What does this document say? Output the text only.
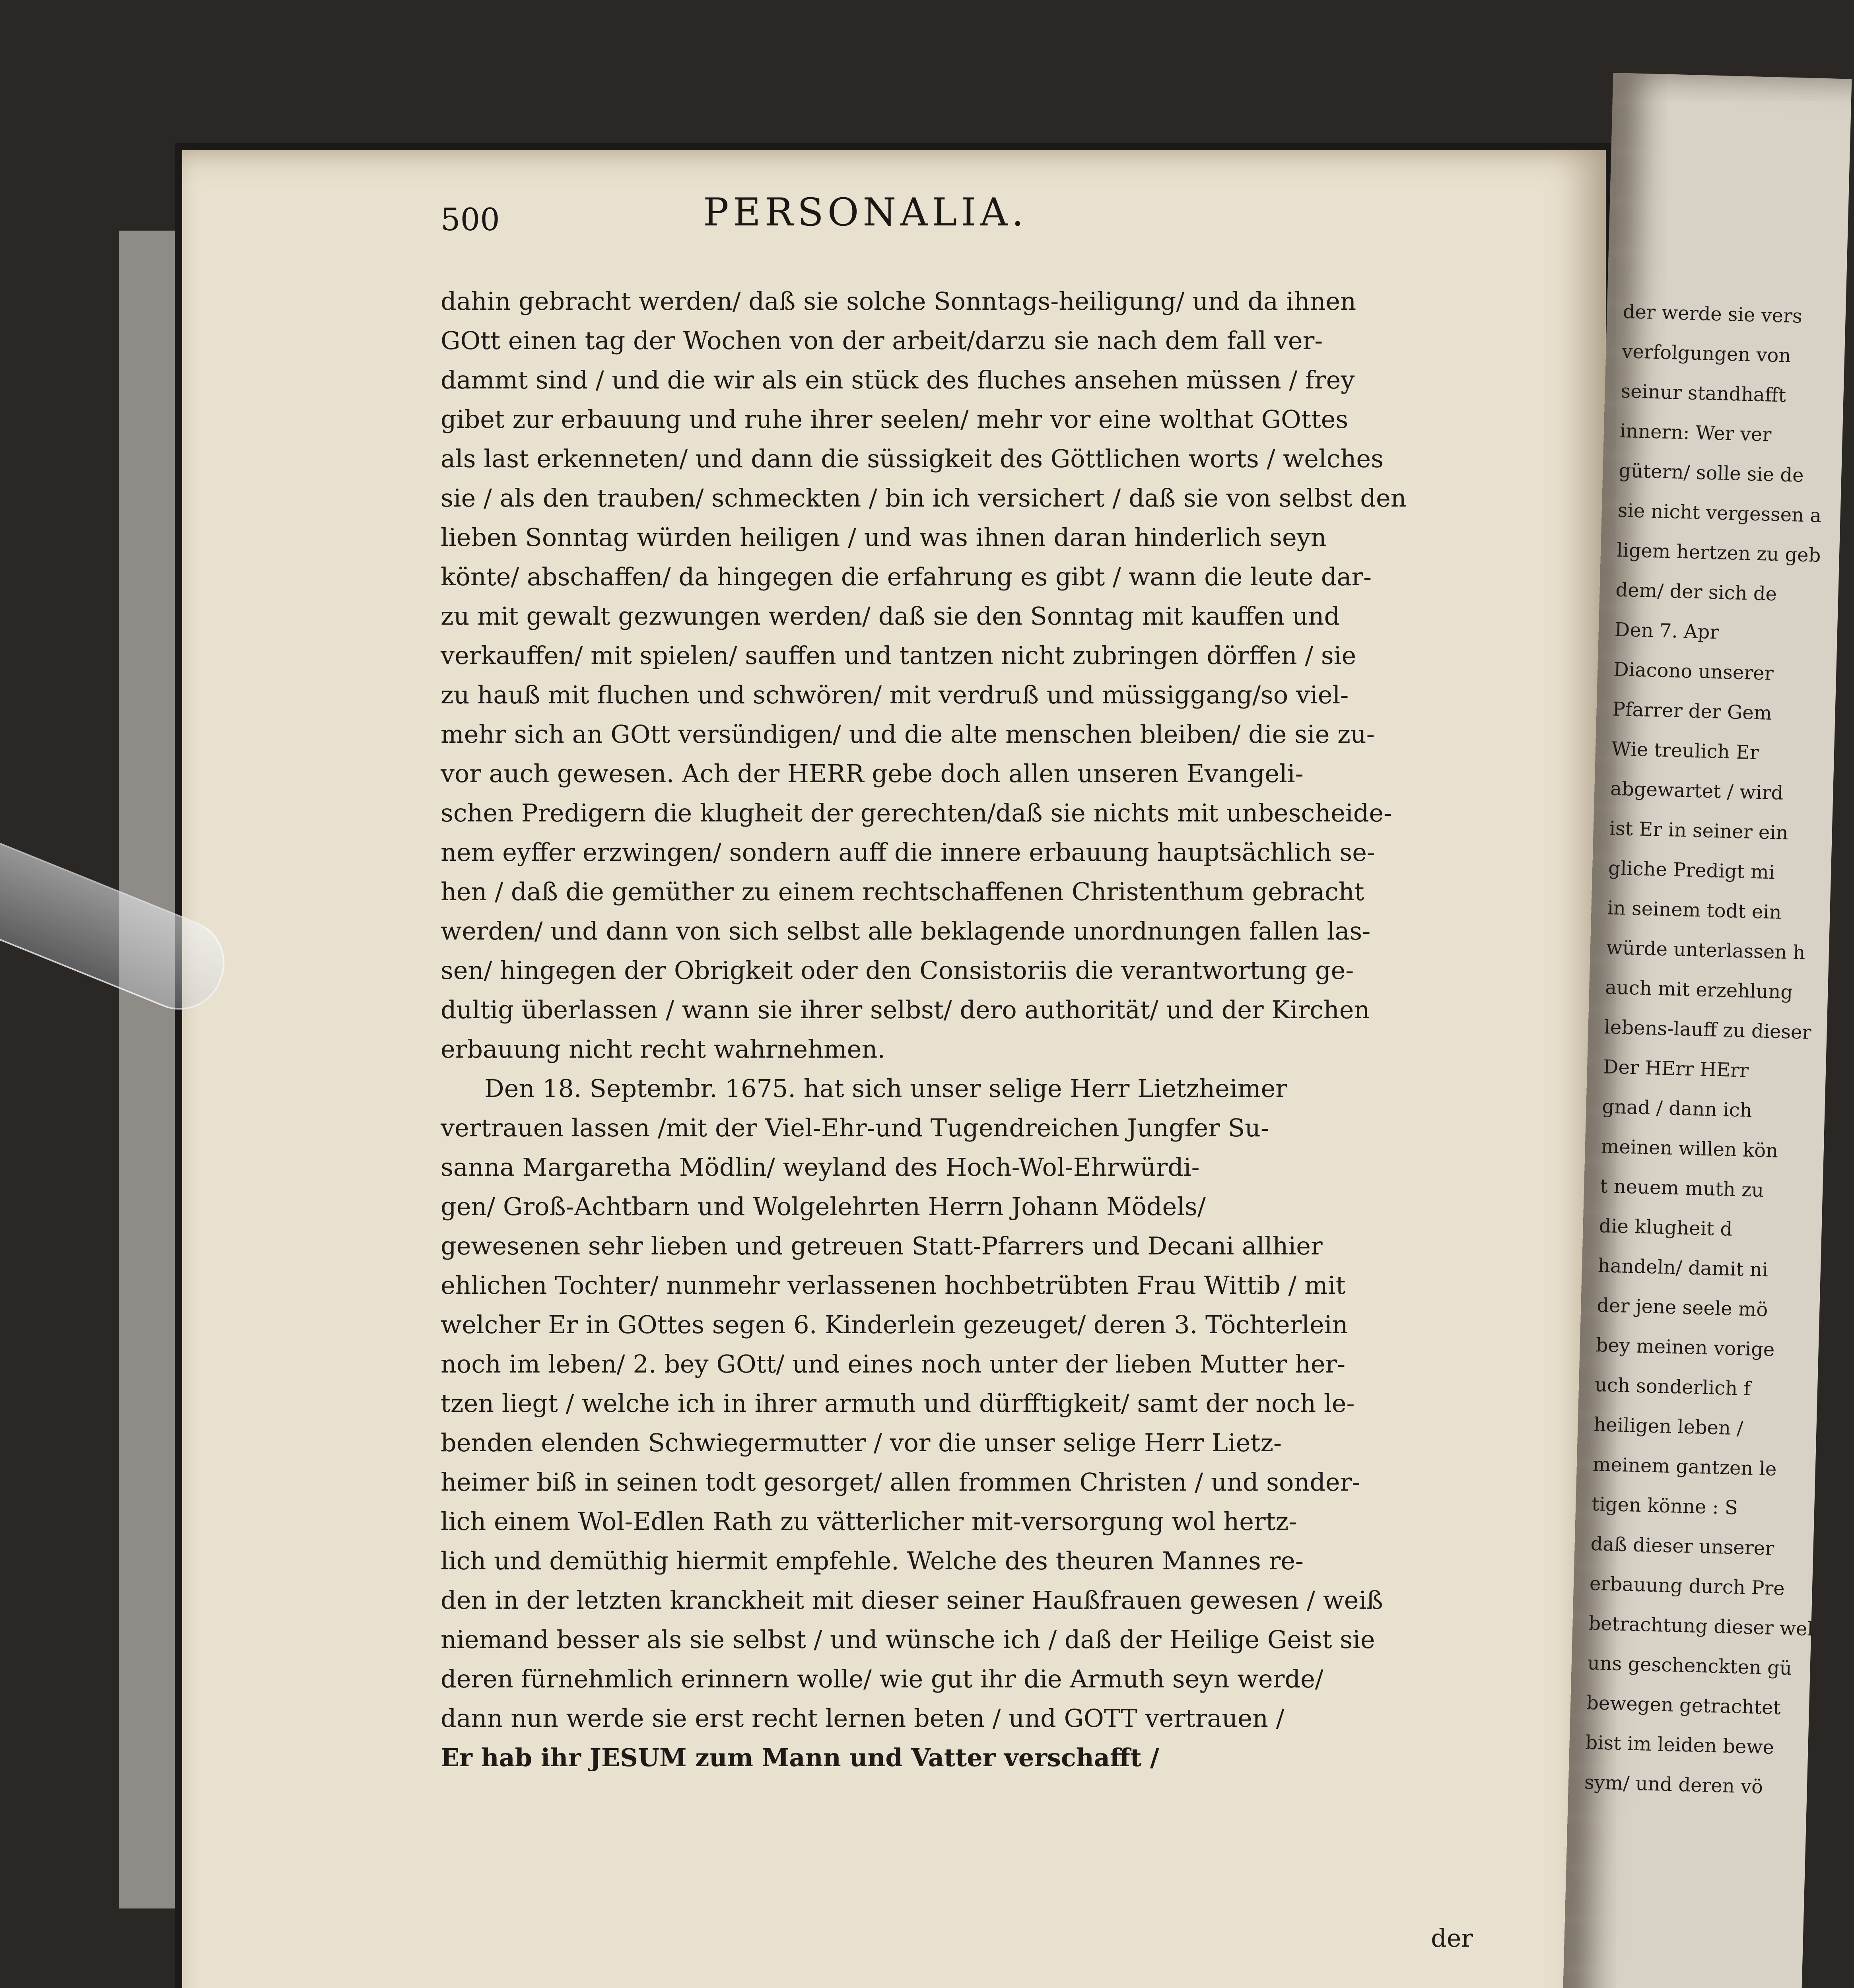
500	PERSONALIA.
dahin gebracht werden/ daß sie solche Sonntags-heiligung/ und da ihnen
GOtt einen tag der Wochen von der arbeit/darzu sie nach dem fall ver-
dammt sind / und die wir als ein stück des fluches ansehen müssen / frey
gibet zur erbauung und ruhe ihrer seelen/ mehr vor eine wolthat GOttes
als last erkenneten/ und dann die süssigkeit des Göttlichen worts / welches
sie / als den trauben/ schmeckten / bin ich versichert / daß sie von selbst den
lieben Sonntag würden heiligen / und was ihnen daran hinderlich seyn
könte/ abschaffen/ da hingegen die erfahrung es gibt / wann die leute dar-
zu mit gewalt gezwungen werden/ daß sie den Sonntag mit kauffen und
verkauffen/ mit spielen/ sauffen und tantzen nicht zubringen dörffen / sie
zu hauß mit fluchen und schwören/ mit verdruß und müssiggang/so viel-
mehr sich an GOtt versündigen/ und die alte menschen bleiben/ die sie zu-
vor auch gewesen. Ach der HERR gebe doch allen unseren Evangeli-
schen Predigern die klugheit der gerechten/daß sie nichts mit unbescheide-
nem eyffer erzwingen/ sondern auff die innere erbauung hauptsächlich se-
hen / daß die gemüther zu einem rechtschaffenen Christenthum gebracht
werden/ und dann von sich selbst alle beklagende unordnungen fallen las-
sen/ hingegen der Obrigkeit oder den Consistoriis die verantwortung ge-
dultig überlassen / wann sie ihrer selbst/ dero authorität/ und der Kirchen
erbauung nicht recht wahrnehmen.
Den 18. Septembr. 1675. hat sich unser selige Herr Lietzheimer
vertrauen lassen /mit der Viel-Ehr-und Tugendreichen Jungfer Su-
sanna Margaretha Mödlin/ weyland des Hoch-Wol-Ehrwürdi-
gen/ Groß-Achtbarn und Wolgelehrten Herrn Johann Mödels/
gewesenen sehr lieben und getreuen Statt-Pfarrers und Decani allhier
ehlichen Tochter/ nunmehr verlassenen hochbetrübten Frau Wittib / mit
welcher Er in GOttes segen 6. Kinderlein gezeuget/ deren 3. Töchterlein
noch im leben/ 2. bey GOtt/ und eines noch unter der lieben Mutter her-
tzen liegt / welche ich in ihrer armuth und dürfftigkeit/ samt der noch le-
benden elenden Schwiegermutter / vor die unser selige Herr Lietz-
heimer biß in seinen todt gesorget/ allen frommen Christen / und sonder-
lich einem Wol-Edlen Rath zu vätterlicher mit-versorgung wol hertz-
lich und demüthig hiermit empfehle. Welche des theuren Mannes re-
den in der letzten kranckheit mit dieser seiner Haußfrauen gewesen / weiß
niemand besser als sie selbst / und wünsche ich / daß der Heilige Geist sie
deren fürnehmlich erinnern wolle/ wie gut ihr die Armuth seyn werde/
dann nun werde sie erst recht lernen beten / und GOTT vertrauen /
Er hab ihr JESUM zum Mann und Vatter verschafft /
der
der werde sie vers
verfolgungen von
seinur standhafft
innern: Wer ver
gütern/ solle sie de
sie nicht vergessen a
ligem hertzen zu geb
dem/ der sich de
Den 7. Apr
Diacono unserer
Pfarrer der Gem
Wie treulich Er
abgewartet / wird
ist Er in seiner ein
gliche Predigt mi
in seinem todt ein
würde unterlassen h
auch mit erzehlung
lebens-lauff zu dieser
Der HErr HErr
gnad / dann ich
meinen willen kön
t neuem muth zu
die klugheit d
handeln/ damit ni
der jene seele mö
bey meinen vorige
uch sonderlich f
heiligen leben /
meinem gantzen le
tigen könne : S
daß dieser unserer
erbauung durch Pre
betrachtung dieser wel
uns geschenckten gü
bewegen getrachtet
bist im leiden bewe
sym/ und deren vö
